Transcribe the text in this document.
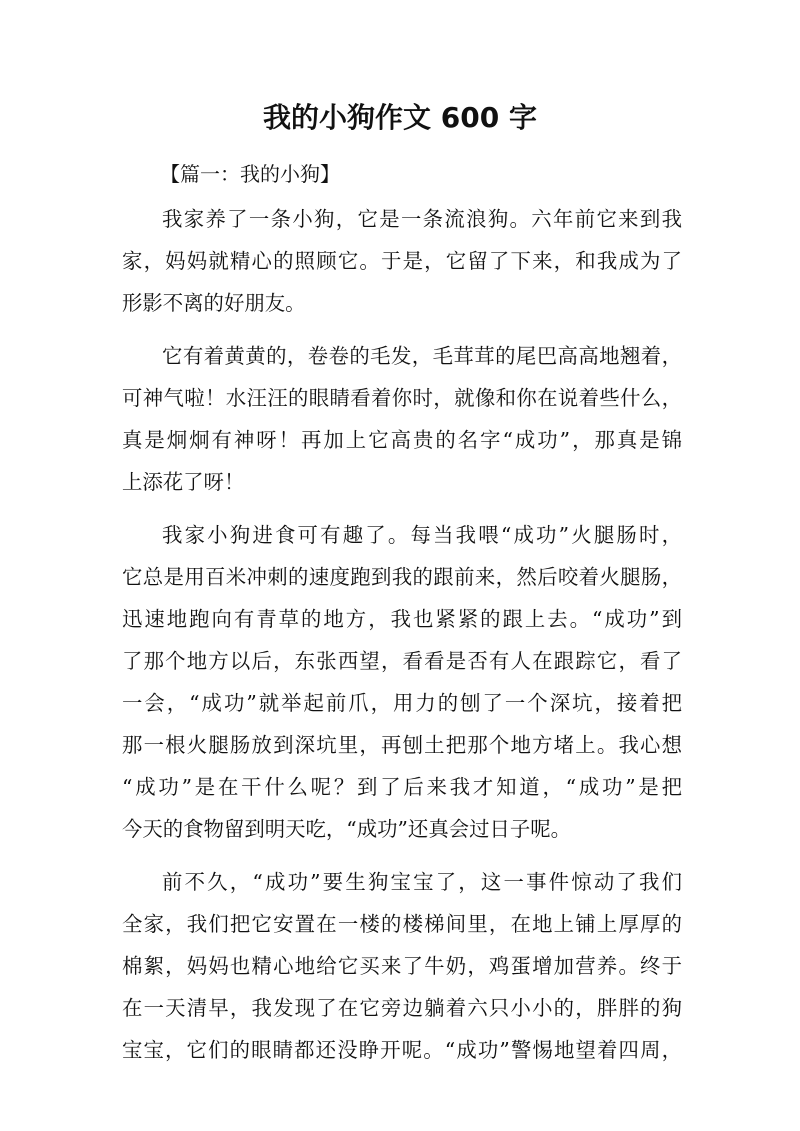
我的小狗作文 600 字

【篇一：我的小狗】

我家养了一条小狗，它是一条流浪狗。六年前它来到我
家，妈妈就精心的照顾它。于是，它留了下来，和我成为了
形影不离的好朋友。
它有着黄黄的，卷卷的毛发，毛茸茸的尾巴高高地翘着，
可神气啦！水汪汪的眼睛看着你时，就像和你在说着些什么，
真是炯炯有神呀！再加上它高贵的名字“成功”，那真是锦
上添花了呀！
我家小狗进食可有趣了。每当我喂“成功”火腿肠时，
它总是用百米冲刺的速度跑到我的跟前来，然后咬着火腿肠，
迅速地跑向有青草的地方，我也紧紧的跟上去。“成功”到
了那个地方以后，东张西望，看看是否有人在跟踪它，看了
一会，“成功”就举起前爪，用力的刨了一个深坑，接着把
那一根火腿肠放到深坑里，再刨土把那个地方堵上。我心想
“成功”是在干什么呢？到了后来我才知道，“成功”是把
今天的食物留到明天吃，“成功”还真会过日子呢。
前不久，“成功”要生狗宝宝了，这一事件惊动了我们
全家，我们把它安置在一楼的楼梯间里，在地上铺上厚厚的
棉絮，妈妈也精心地给它买来了牛奶，鸡蛋增加营养。终于
在一天清早，我发现了在它旁边躺着六只小小的，胖胖的狗
宝宝，它们的眼睛都还没睁开呢。“成功”警惕地望着四周，
